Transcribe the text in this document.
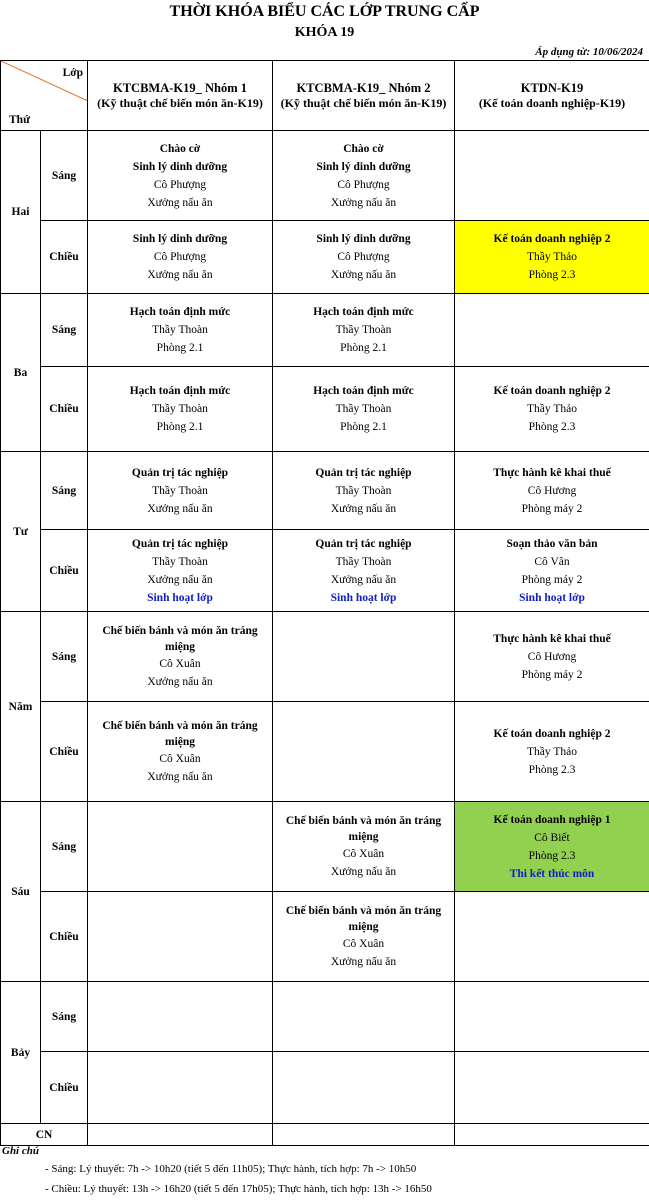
THỜI KHÓA BIỂU CÁC LỚP TRUNG CẤP
KHÓA 19
Áp dụng từ: 10/06/2024
Lớp
Thứ		KTCBMA-K19_ Nhóm 1
(Kỹ thuật chế biến món ăn-K19)	KTCBMA-K19_ Nhóm 2
(Kỹ thuật chế biến món ăn-K19)	KTDN-K19
(Kế toán doanh nghiệp-K19)

Hai	Sáng	Chào cờ
Sinh lý dinh dưỡng
Cô Phượng
Xưởng nấu ăn	Chào cờ
Sinh lý dinh dưỡng
Cô Phượng
Xưởng nấu ăn	

	Chiều	Sinh lý dinh dưỡng
Cô Phượng
Xưởng nấu ăn	Sinh lý dinh dưỡng
Cô Phượng
Xưởng nấu ăn	Kế toán doanh nghiệp 2
Thầy Thảo
Phòng 2.3

Ba	Sáng	Hạch toán định mức
Thầy Thoàn
Phòng 2.1	Hạch toán định mức
Thầy Thoàn
Phòng 2.1	

	Chiều	Hạch toán định mức
Thầy Thoàn
Phòng 2.1	Hạch toán định mức
Thầy Thoàn
Phòng 2.1	Kế toán doanh nghiệp 2
Thầy Thảo
Phòng 2.3

Tư	Sáng	Quản trị tác nghiệp
Thầy Thoàn
Xưởng nấu ăn	Quản trị tác nghiệp
Thầy Thoàn
Xưởng nấu ăn	Thực hành kê khai thuế
Cô Hương
Phòng máy 2

	Chiều	Quản trị tác nghiệp
Thầy Thoàn
Xưởng nấu ăn
Sinh hoạt lớp	Quản trị tác nghiệp
Thầy Thoàn
Xưởng nấu ăn
Sinh hoạt lớp	Soạn thảo văn bản
Cô Vân
Phòng máy 2
Sinh hoạt lớp

Năm	Sáng	Chế biến bánh và món ăn tráng miệng
Cô Xuân
Xưởng nấu ăn		Thực hành kê khai thuế
Cô Hương
Phòng máy 2

	Chiều	Chế biến bánh và món ăn tráng miệng
Cô Xuân
Xưởng nấu ăn		Kế toán doanh nghiệp 2
Thầy Thảo
Phòng 2.3

Sáu	Sáng		Chế biến bánh và món ăn tráng miệng
Cô Xuân
Xưởng nấu ăn	Kế toán doanh nghiệp 1
Cô Biết
Phòng 2.3
Thi kết thúc môn

	Chiều		Chế biến bánh và món ăn tráng miệng
Cô Xuân
Xưởng nấu ăn	

Bảy	Sáng			
	Chiều			
CN				
Ghi chú
- Sáng: Lý thuyết: 7h -> 10h20 (tiết 5 đến 11h05); Thực hành, tích hợp: 7h -> 10h50
- Chiều: Lý thuyết: 13h -> 16h20 (tiết 5 đến 17h05); Thực hành, tích hợp: 13h -> 16h50
